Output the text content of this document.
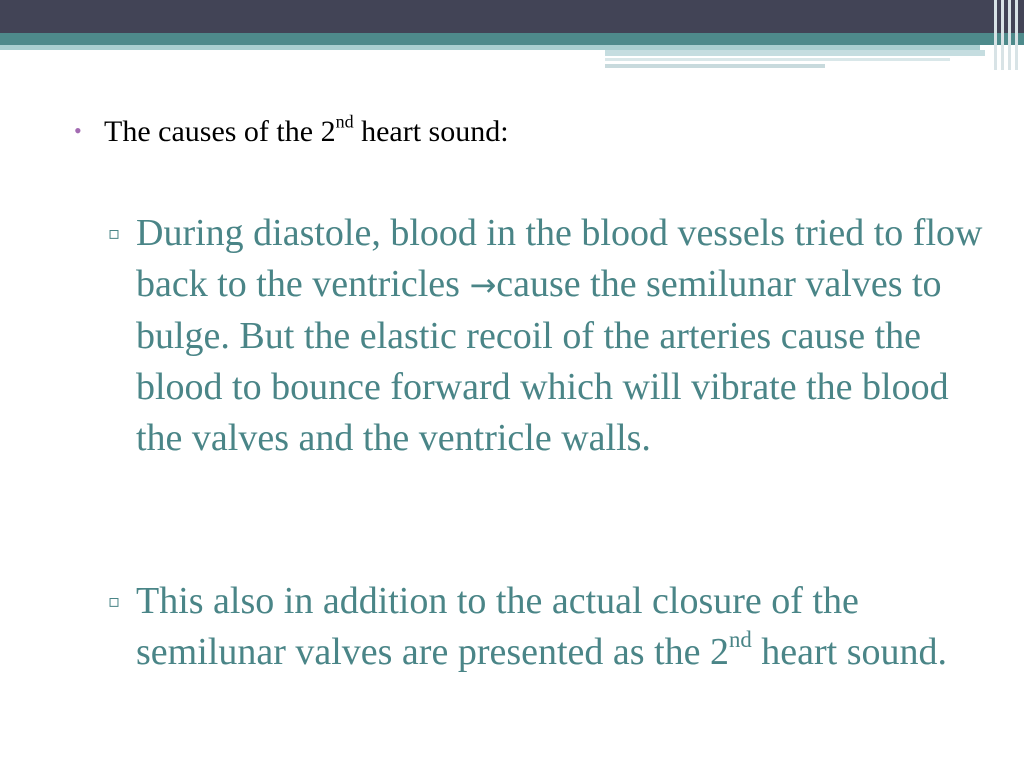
• The causes of the 2nd heart sound:
▫ During diastole, blood in the blood vessels tried to flow back to the ventricles →cause the semilunar valves to bulge. But the elastic recoil of the arteries cause the blood to bounce forward which will vibrate the blood the valves and the ventricle walls.
▫ This also in addition to the actual closure of the semilunar valves are presented as the 2nd heart sound.
